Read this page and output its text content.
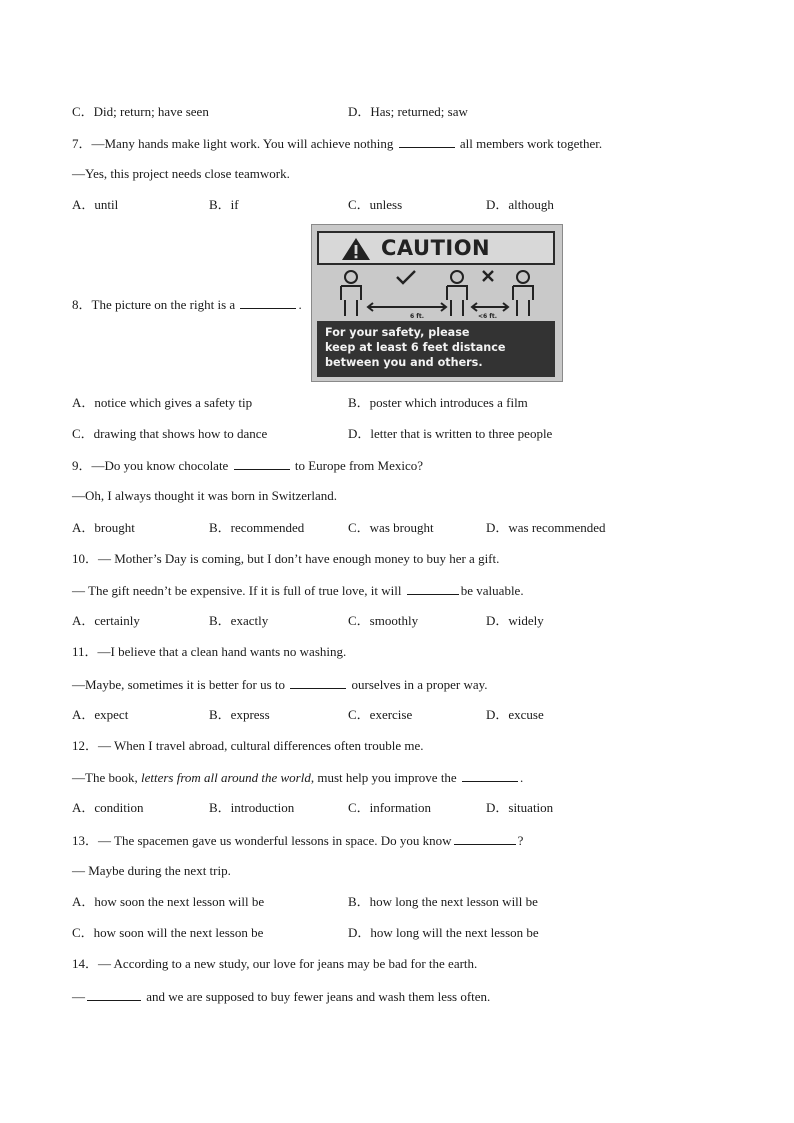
C．Did; return; have seen	D．Has; returned; saw
7．—Many hands make light work. You will achieve nothing	all members work together.
—Yes, this project needs close teamwork.
A．until	B．if	C．unless	D．although
8．The picture on the right is a	.
CAUTION
6 ft.	<6 ft.
For your safety, please
keep at least 6 feet distance
between you and others.
A．notice which gives a safety tip	B．poster which introduces a film
C．drawing that shows how to dance	D．letter that is written to three people
9．—Do you know chocolate	to Europe from Mexico?
—Oh, I always thought it was born in Switzerland.
A．brought	B．recommended	C．was brought	D．was recommended
10．— Mother’s Day is coming, but I don’t have enough money to buy her a gift.
— The gift needn’t be expensive. If it is full of true love, it will	be valuable.
A．certainly	B．exactly	C．smoothly	D．widely
11．—I believe that a clean hand wants no washing.
—Maybe, sometimes it is better for us to	ourselves in a proper way.
A．expect	B．express	C．exercise	D．excuse
12．— When I travel abroad, cultural differences often trouble me.
—The book, letters from all around the world, must help you improve the	.
A．condition	B．introduction	C．information	D．situation
13．— The spacemen gave us wonderful lessons in space. Do you know	?
— Maybe during the next trip.
A．how soon the next lesson will be	B．how long the next lesson will be
C．how soon will the next lesson be	D．how long will the next lesson be
14．— According to a new study, our love for jeans may be bad for the earth.
—	and we are supposed to buy fewer jeans and wash them less often.
